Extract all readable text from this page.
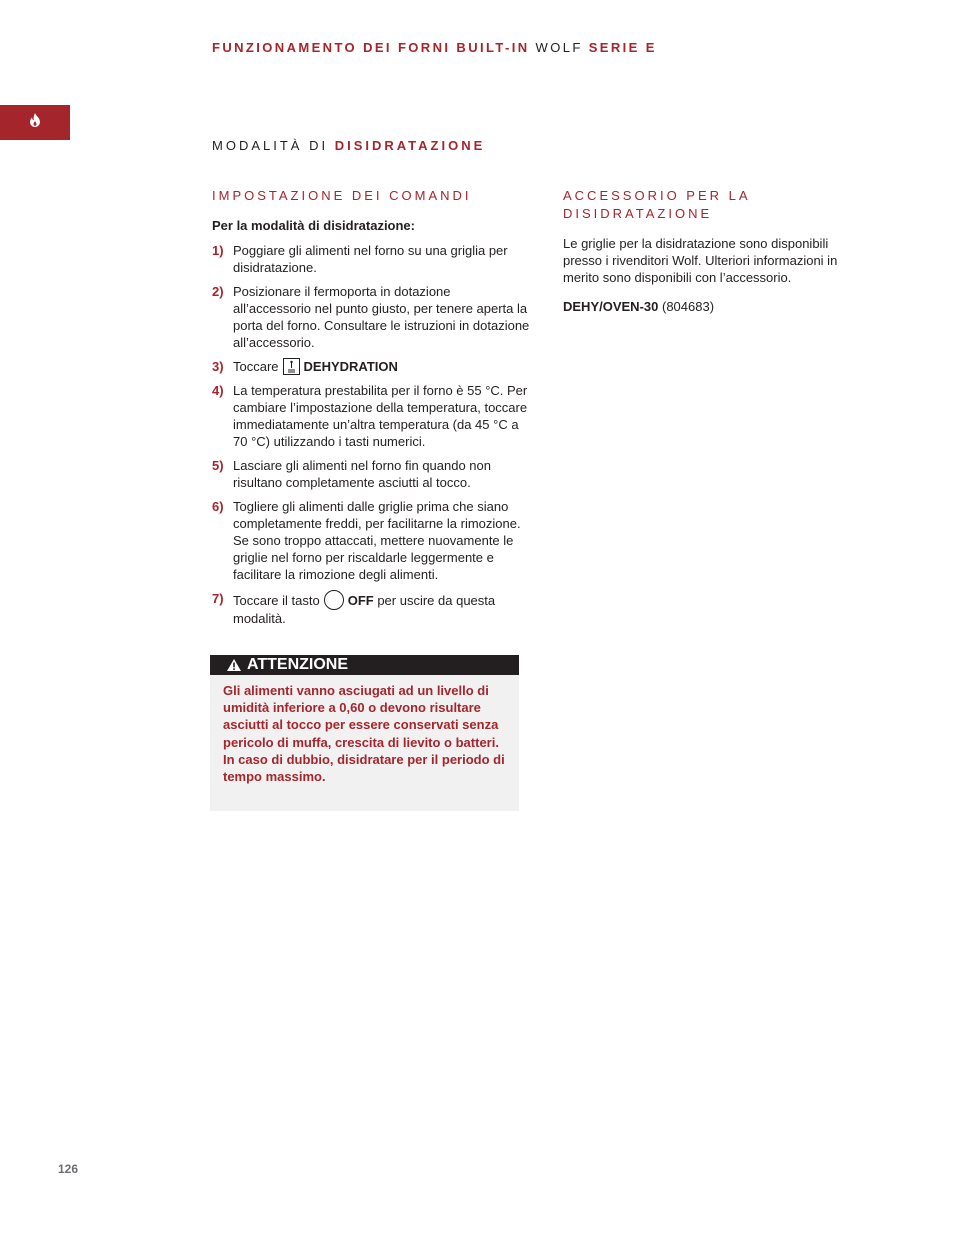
FUNZIONAMENTO DEI FORNI BUILT-IN WOLF SERIE E
MODALITÀ DI DISIDRATAZIONE
IMPOSTAZIONE DEI COMANDI
Per la modalità di disidratazione:
1) Poggiare gli alimenti nel forno su una griglia per disidratazione.
2) Posizionare il fermoporta in dotazione all’accessorio nel punto giusto, per tenere aperta la porta del forno. Consultare le istruzioni in dotazione all’accessorio.
3) Toccare DEHYDRATION
4) La temperatura prestabilita per il forno è 55 °C. Per cambiare l’impostazione della temperatura, toccare immediatamente un’altra temperatura (da 45 °C a 70 °C) utilizzando i tasti numerici.
5) Lasciare gli alimenti nel forno fin quando non risultano completamente asciutti al tocco.
6) Togliere gli alimenti dalle griglie prima che siano completamente freddi, per facilitarne la rimozione. Se sono troppo attaccati, mettere nuovamente le griglie nel forno per riscaldarle leggermente e facilitare la rimozione degli alimenti.
7) Toccare il tasto OFF per uscire da questa modalità.
ATTENZIONE
Gli alimenti vanno asciugati ad un livello di umidità inferiore a 0,60 o devono risultare asciutti al tocco per essere conservati senza pericolo di muffa, crescita di lievito o batteri. In caso di dubbio, disidratare per il periodo di tempo massimo.
ACCESSORIO PER LA DISIDRATAZIONE

Le griglie per la disidratazione sono disponibili presso i rivenditori Wolf. Ulteriori informazioni in merito sono disponibili con l’accessorio.

DEHY/OVEN-30 (804683)

126
